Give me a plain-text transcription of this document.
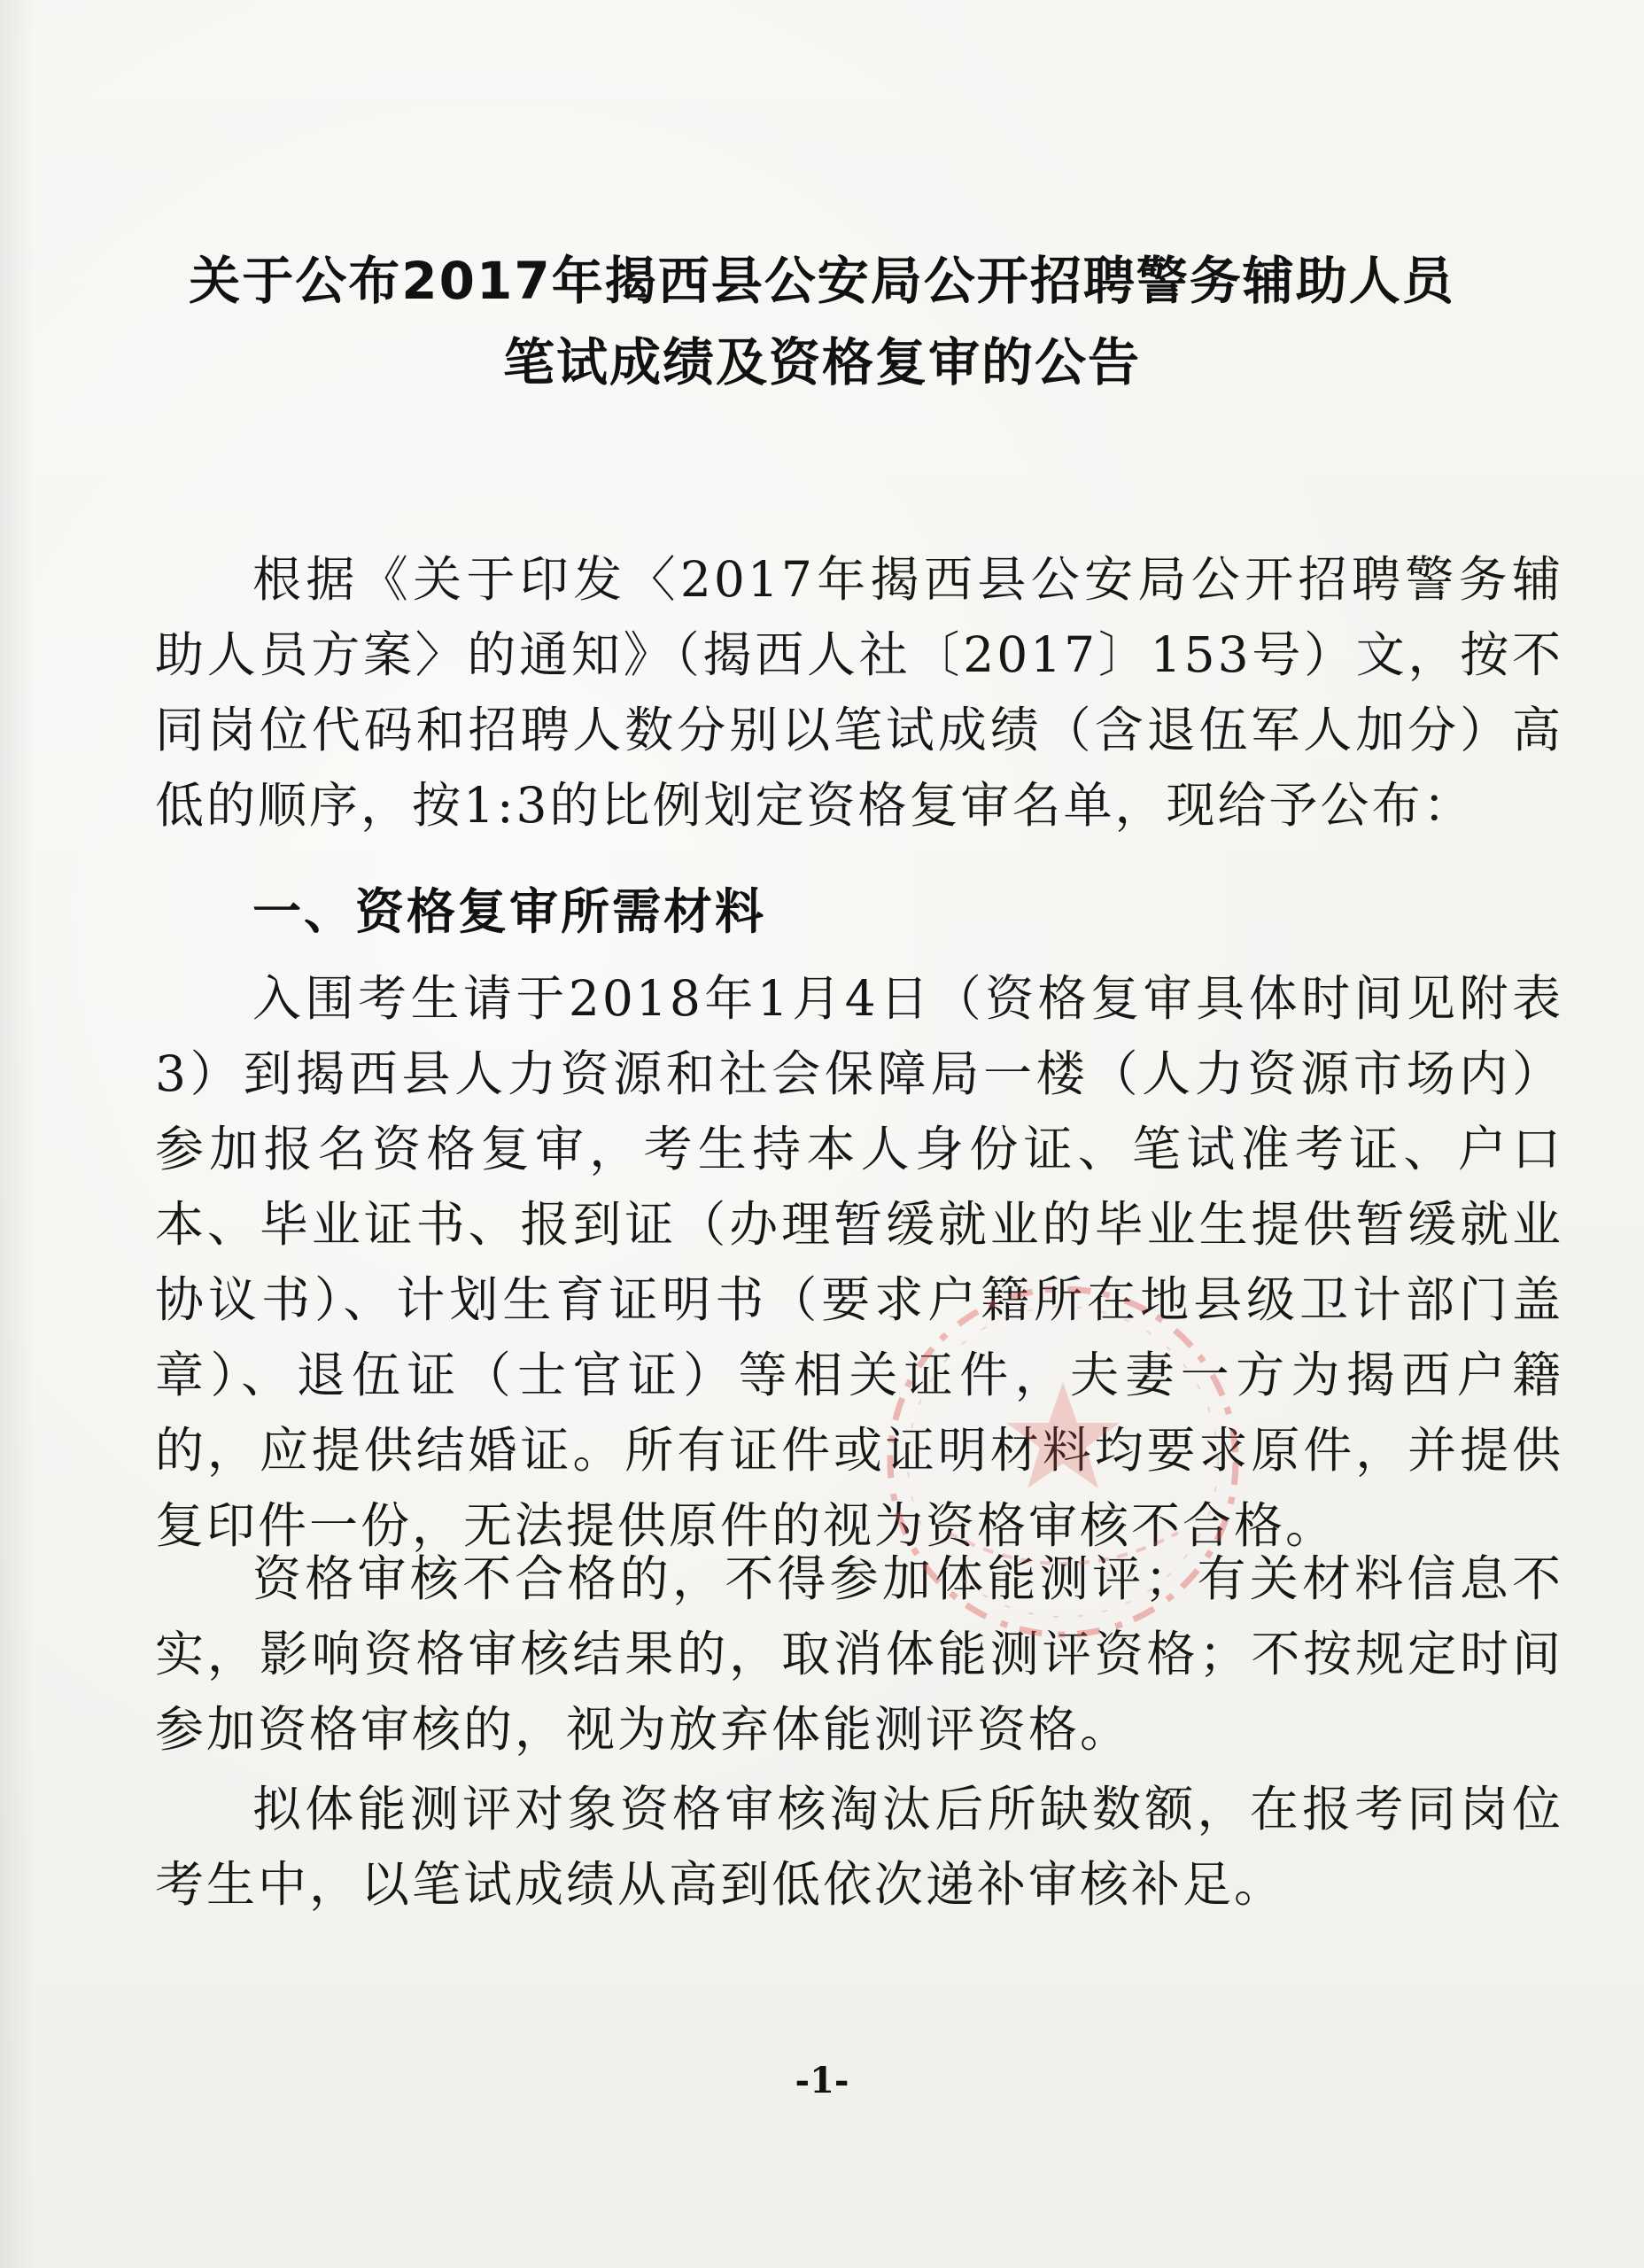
关于公布2017年揭西县公安局公开招聘警务辅助人员
笔试成绩及资格复审的公告

根据《关于印发〈2017年揭西县公安局公开招聘警务辅助人员方案〉的通知》（揭西人社〔2017〕153号）文，按不同岗位代码和招聘人数分别以笔试成绩（含退伍军人加分）高低的顺序，按1:3的比例划定资格复审名单，现给予公布：

一、资格复审所需材料

入围考生请于2018年1月4日（资格复审具体时间见附表3）到揭西县人力资源和社会保障局一楼（人力资源市场内）参加报名资格复审，考生持本人身份证、笔试准考证、户口本、毕业证书、报到证（办理暂缓就业的毕业生提供暂缓就业协议书）、计划生育证明书（要求户籍所在地县级卫计部门盖章）、退伍证（士官证）等相关证件，夫妻一方为揭西户籍的，应提供结婚证。所有证件或证明材料均要求原件，并提供复印件一份，无法提供原件的视为资格审核不合格。

资格审核不合格的，不得参加体能测评；有关材料信息不实，影响资格审核结果的，取消体能测评资格；不按规定时间参加资格审核的，视为放弃体能测评资格。

拟体能测评对象资格审核淘汰后所缺数额，在报考同岗位考生中，以笔试成绩从高到低依次递补审核补足。

-1-
